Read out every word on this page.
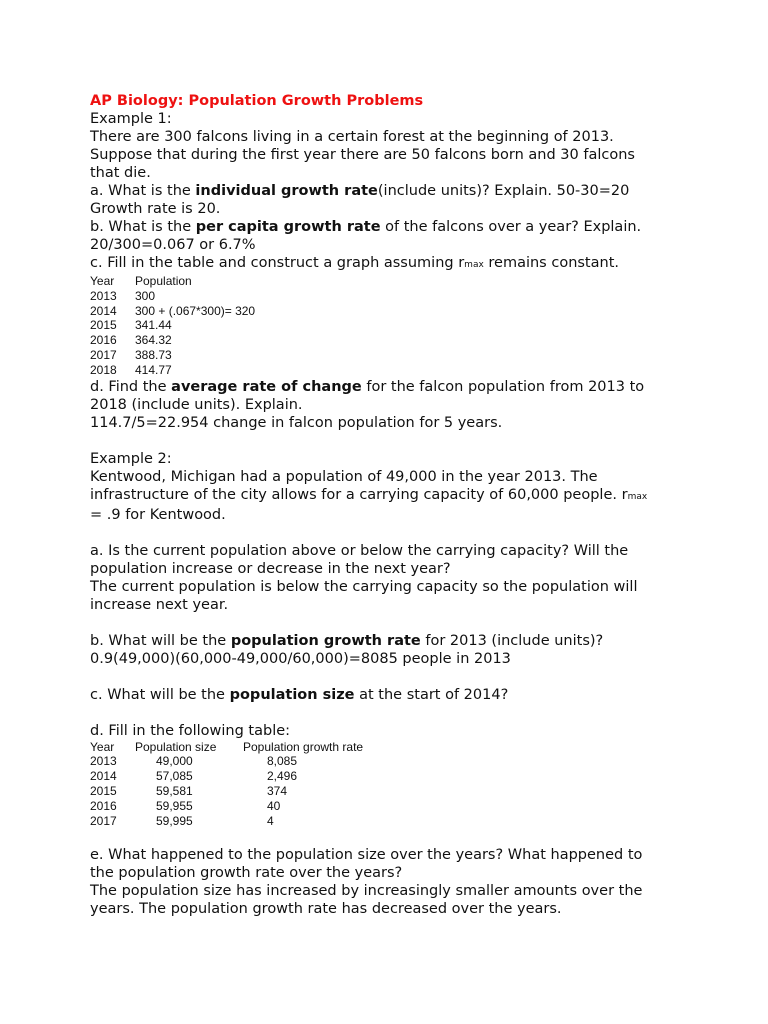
AP Biology: Population Growth Problems

Example 1:

There are 300 falcons living in a certain forest at the beginning of 2013.

Suppose that during the first year there are 50 falcons born and 30 falcons

that die.

a. What is the individual growth rate(include units)? Explain. 50-30=20

Growth rate is 20.

b. What is the per capita growth rate of the falcons over a year? Explain.

20/300=0.067 or 6.7%

c. Fill in the table and construct a graph assuming rmax remains constant.

Year	Population
2013	300
2014	300 + (.067*300)= 320
2015	341.44
2016	364.32
2017	388.73
2018	414.77

d. Find the average rate of change for the falcon population from 2013 to

2018 (include units). Explain.

114.7/5=22.954 change in falcon population for 5 years.

Example 2:

Kentwood, Michigan had a population of 49,000 in the year 2013. The

infrastructure of the city allows for a carrying capacity of 60,000 people. rmax

= .9 for Kentwood.

a. Is the current population above or below the carrying capacity? Will the

population increase or decrease in the next year?

The current population is below the carrying capacity so the population will

increase next year.

b. What will be the population growth rate for 2013 (include units)?

0.9(49,000)(60,000-49,000/60,000)=8085 people in 2013

c. What will be the population size at the start of 2014?

d. Fill in the following table:

Year	Population size	Population growth rate
2013	49,000	8,085
2014	57,085	2,496
2015	59,581	374
2016	59,955	40
2017	59,995	4

e. What happened to the population size over the years? What happened to

the population growth rate over the years?

The population size has increased by increasingly smaller amounts over the

years. The population growth rate has decreased over the years.
